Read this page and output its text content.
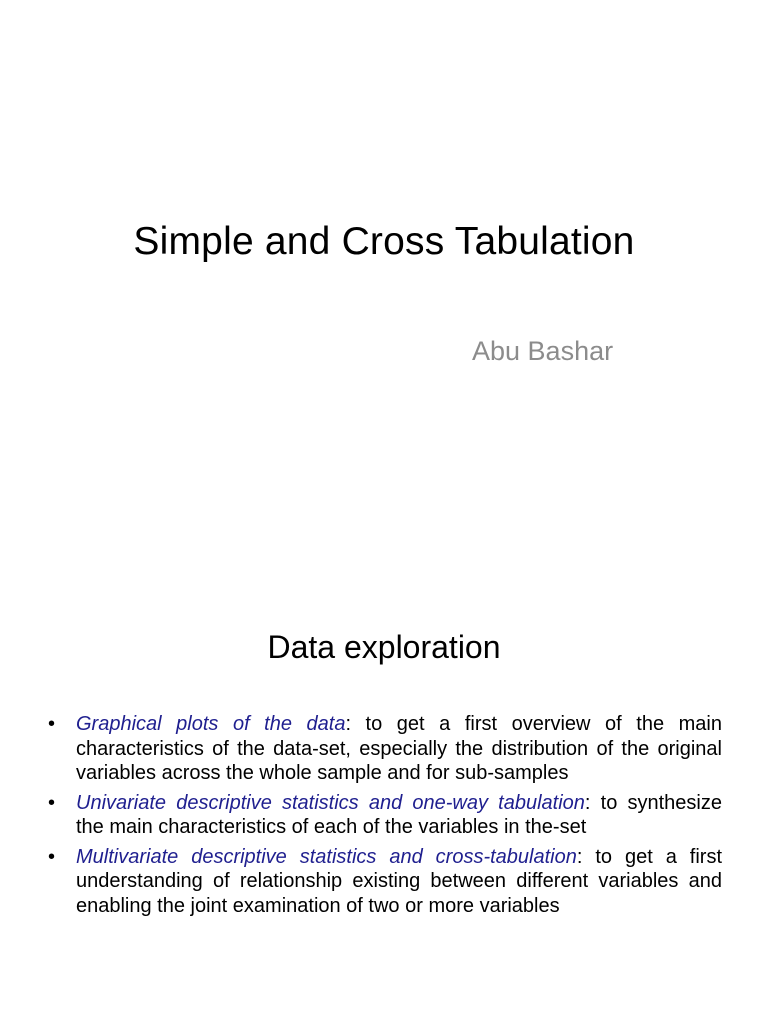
Simple and Cross Tabulation
Abu Bashar
Data exploration
•	Graphical plots of the data: to get a first overview of the main characteristics of the data-set, especially the distribution of the original variables across the whole sample and for sub-samples
•	Univariate descriptive statistics and one-way tabulation: to synthesize the main characteristics of each of the variables in the-set
•	Multivariate descriptive statistics and cross-tabulation: to get a first understanding of relationship existing between different variables and enabling the joint examination of two or more variables
